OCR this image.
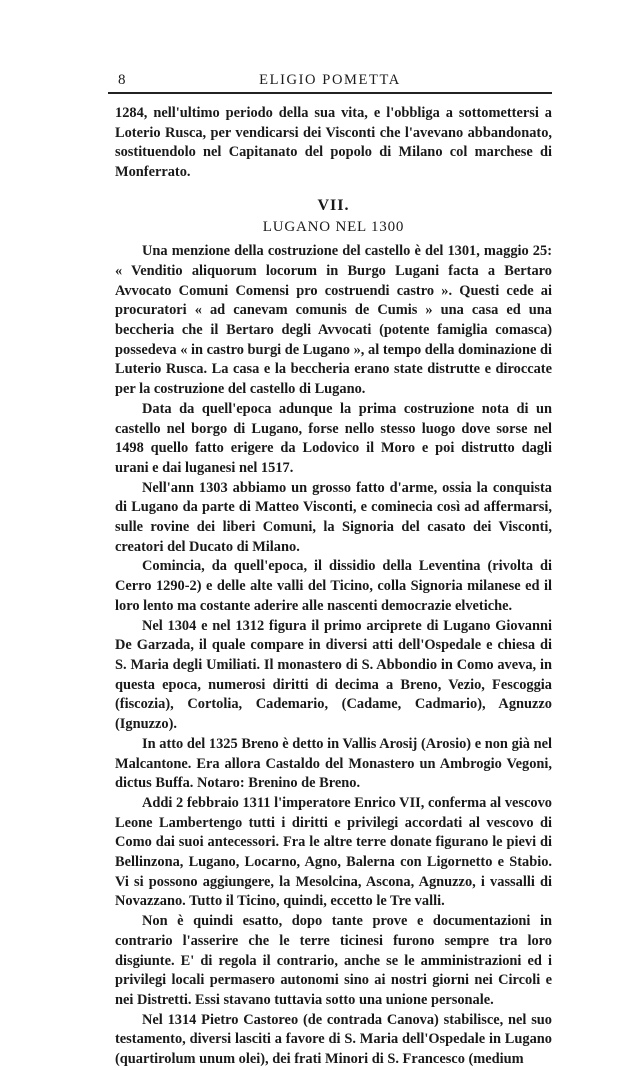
8	ELIGIO POMETTA

1284, nell'ultimo periodo della sua vita, e l'obbliga a sottomettersi a Loterio Rusca, per vendicarsi dei Visconti che l'avevano abbandonato, sostituendolo nel Capitanato del popolo di Milano col marchese di Monferrato.

VII.
LUGANO NEL 1300

Una menzione della costruzione del castello è del 1301, maggio 25: « Venditio aliquorum locorum in Burgo Lugani facta a Bertaro Avvocato Comuni Comensi pro costruendi castro ». Questi cede ai procuratori « ad canevam comunis de Cumis » una casa ed una beccheria che il Bertaro degli Avvocati (potente famiglia comasca) possedeva « in castro burgi de Lugano », al tempo della dominazione di Luterio Rusca. La casa e la beccheria erano state distrutte e diroccate per la costruzione del castello di Lugano.

Data da quell'epoca adunque la prima costruzione nota di un castello nel borgo di Lugano, forse nello stesso luogo dove sorse nel 1498 quello fatto erigere da Lodovico il Moro e poi distrutto dagli urani e dai luganesi nel 1517.

Nell'ann 1303 abbiamo un grosso fatto d'arme, ossia la conquista di Lugano da parte di Matteo Visconti, e cominecia così ad affermarsi, sulle rovine dei liberi Comuni, la Signoria del casato dei Visconti, creatori del Ducato di Milano.

Comincia, da quell'epoca, il dissidio della Leventina (rivolta di Cerro 1290-2) e delle alte valli del Ticino, colla Signoria milanese ed il loro lento ma costante aderire alle nascenti democrazie elvetiche.

Nel 1304 e nel 1312 figura il primo arciprete di Lugano Giovanni De Garzada, il quale compare in diversi atti dell'Ospedale e chiesa di S. Maria degli Umiliati. Il monastero di S. Abbondio in Como aveva, in questa epoca, numerosi diritti di decima a Breno, Vezio, Fescoggia (fiscozia), Cortolia, Cademario, (Cadame, Cadmario), Agnuzzo (Ignuzzo).

In atto del 1325 Breno è detto in Vallis Arosij (Arosio) e non già nel Malcantone. Era allora Castaldo del Monastero un Ambrogio Vegoni, dictus Buffa. Notaro: Brenino de Breno.

Addi 2 febbraio 1311 l'imperatore Enrico VII, conferma al vescovo Leone Lambertengo tutti i diritti e privilegi accordati al vescovo di Como dai suoi antecessori. Fra le altre terre donate figurano le pievi di Bellinzona, Lugano, Locarno, Agno, Balerna con Ligornetto e Stabio. Vi si possono aggiungere, la Mesolcina, Ascona, Agnuzzo, i vassalli di Novazzano. Tutto il Ticino, quindi, eccetto le Tre valli.

Non è quindi esatto, dopo tante prove e documentazioni in contrario l'asserire che le terre ticinesi furono sempre tra loro disgiunte. E' di regola il contrario, anche se le amministrazioni ed i privilegi locali permasero autonomi sino ai nostri giorni nei Circoli e nei Distretti. Essi stavano tuttavia sotto una unione personale.

Nel 1314 Pietro Castoreo (de contrada Canova) stabilisce, nel suo testamento, diversi lasciti a favore di S. Maria dell'Ospedale in Lugano (quartirolum unum olei), dei frati Minori di S. Francesco (medium
